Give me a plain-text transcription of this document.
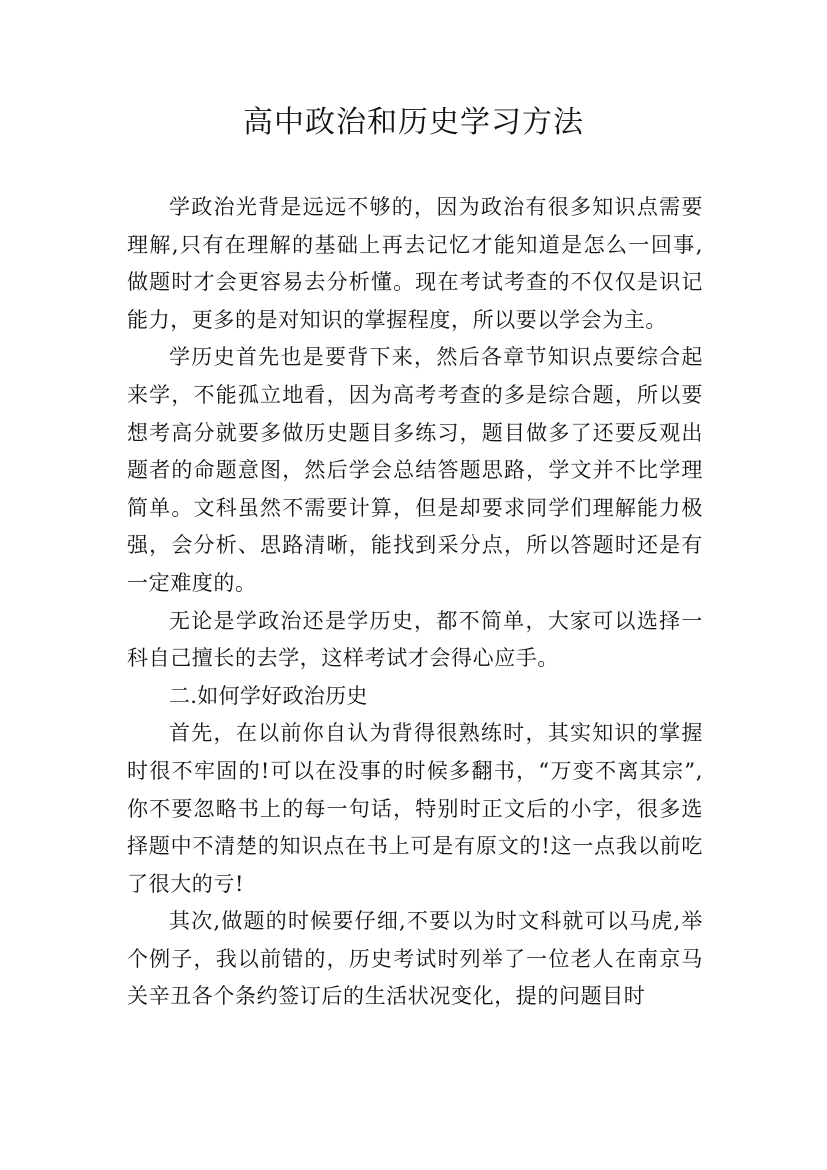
高中政治和历史学习方法

学政治光背是远远不够的，因为政治有很多知识点需要理解,只有在理解的基础上再去记忆才能知道是怎么一回事,做题时才会更容易去分析懂。现在考试考查的不仅仅是识记能力，更多的是对知识的掌握程度，所以要以学会为主。

学历史首先也是要背下来，然后各章节知识点要综合起来学，不能孤立地看，因为高考考查的多是综合题，所以要想考高分就要多做历史题目多练习，题目做多了还要反观出题者的命题意图，然后学会总结答题思路，学文并不比学理简单。文科虽然不需要计算，但是却要求同学们理解能力极强，会分析、思路清晰，能找到采分点，所以答题时还是有一定难度的。

无论是学政治还是学历史，都不简单，大家可以选择一科自己擅长的去学，这样考试才会得心应手。

二.如何学好政治历史

首先，在以前你自认为背得很熟练时，其实知识的掌握时很不牢固的!可以在没事的时候多翻书，“万变不离其宗”,你不要忽略书上的每一句话，特别时正文后的小字，很多选择题中不清楚的知识点在书上可是有原文的!这一点我以前吃了很大的亏!

其次,做题的时候要仔细,不要以为时文科就可以马虎,举个例子，我以前错的，历史考试时列举了一位老人在南京马关辛丑各个条约签订后的生活状况变化，提的问题目时
